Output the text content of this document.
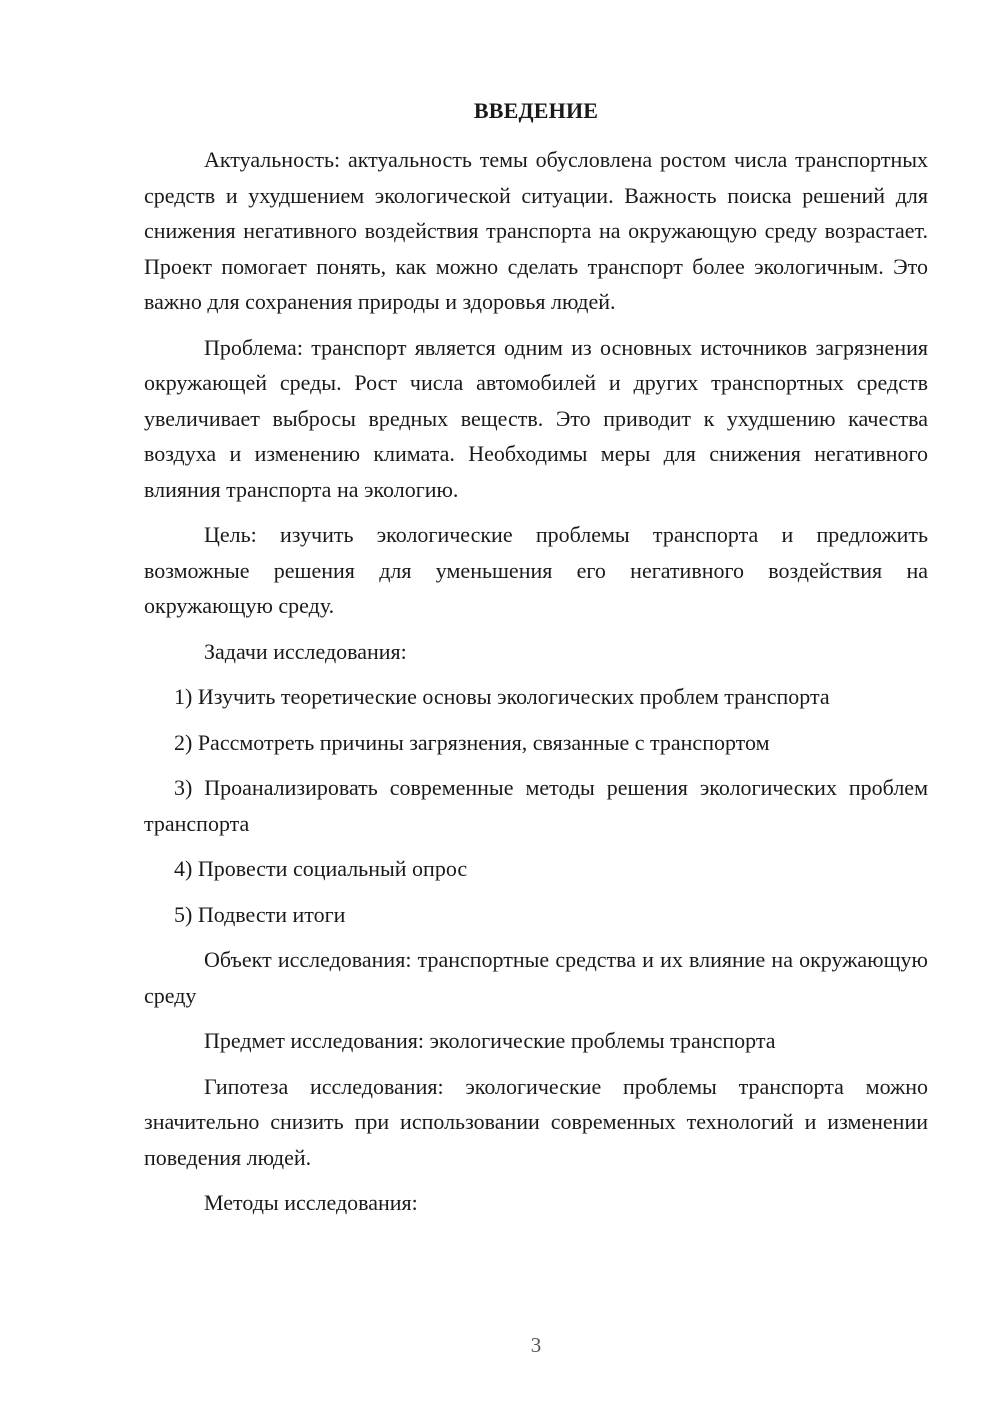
ВВЕДЕНИЕ

Актуальность: актуальность темы обусловлена ростом числа транспортных средств и ухудшением экологической ситуации. Важность поиска решений для снижения негативного воздействия транспорта на окружающую среду возрастает. Проект помогает понять, как можно сделать транспорт более экологичным. Это важно для сохранения природы и здоровья людей.

Проблема: транспорт является одним из основных источников загрязнения окружающей среды. Рост числа автомобилей и других транспортных средств увеличивает выбросы вредных веществ. Это приводит к ухудшению качества воздуха и изменению климата. Необходимы меры для снижения негативного влияния транспорта на экологию.

Цель: изучить экологические проблемы транспорта и предложить возможные решения для уменьшения его негативного воздействия на окружающую среду.

Задачи исследования:

1) Изучить теоретические основы экологических проблем транспорта

2) Рассмотреть причины загрязнения, связанные с транспортом

3) Проанализировать современные методы решения экологических проблем транспорта

4) Провести социальный опрос

5) Подвести итоги

Объект исследования: транспортные средства и их влияние на окружающую среду

Предмет исследования: экологические проблемы транспорта

Гипотеза исследования: экологические проблемы транспорта можно значительно снизить при использовании современных технологий и изменении поведения людей.

Методы исследования:

3
